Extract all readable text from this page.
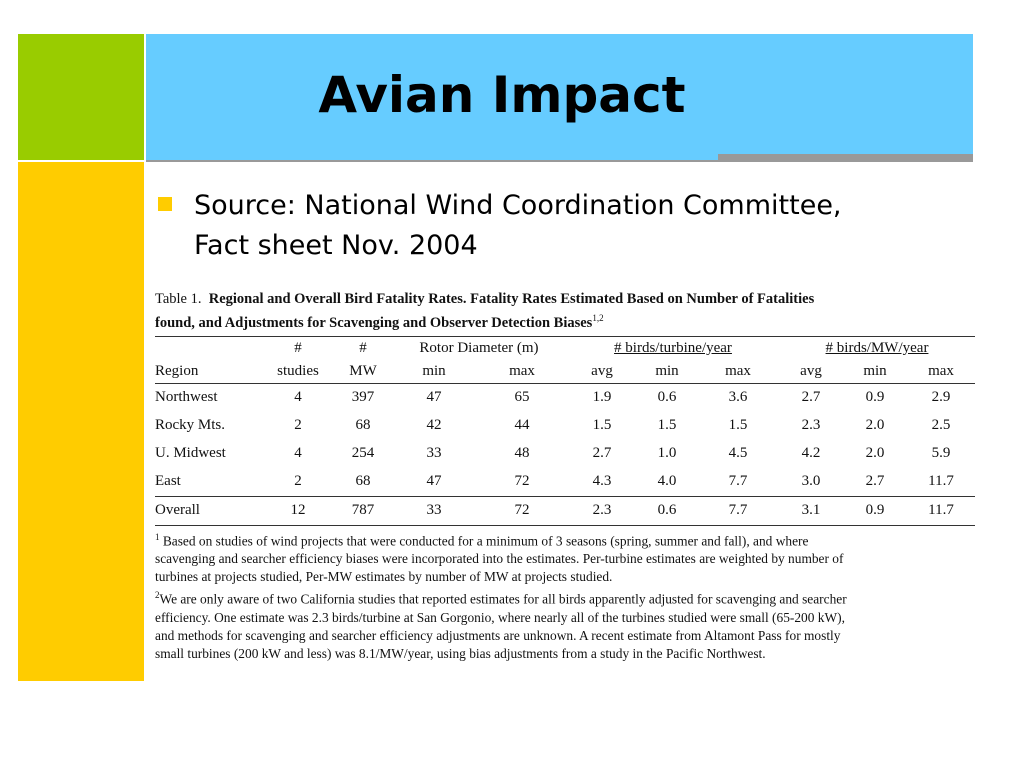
Avian Impact
Source: National Wind Coordination Committee,
Fact sheet Nov. 2004

Table 1. Regional and Overall Bird Fatality Rates. Fatality Rates Estimated Based on Number of Fatalities
found, and Adjustments for Scavenging and Observer Detection Biases$^{1,2}$

	#	#	Rotor Diameter (m)		# birds/turbine/year			# birds/MW/year		
Region	studies	MW	min	max	avg	min	max	avg	min	max
Northwest	4	397	47	65	1.9	0.6	3.6	2.7	0.9	2.9
Rocky Mts.	2	68	42	44	1.5	1.5	1.5	2.3	2.0	2.5
U. Midwest	4	254	33	48	2.7	1.0	4.5	4.2	2.0	5.9
East	2	68	47	72	4.3	4.0	7.7	3.0	2.7	11.7
Overall	12	787	33	72	2.3	0.6	7.7	3.1	0.9	11.7
$^1$ Based on studies of wind projects that were conducted for a minimum of 3 seasons (spring, summer and fall), and where
scavenging and searcher efficiency biases were incorporated into the estimates. Per-turbine estimates are weighted by number of
turbines at projects studied, Per-MW estimates by number of MW at projects studied.
$^2$We are only aware of two California studies that reported estimates for all birds apparently adjusted for scavenging and searcher
efficiency. One estimate was 2.3 birds/turbine at San Gorgonio, where nearly all of the turbines studied were small (65-200 kW),
and methods for scavenging and searcher efficiency adjustments are unknown. A recent estimate from Altamont Pass for mostly
small turbines (200 kW and less) was 8.1/MW/year, using bias adjustments from a study in the Pacific Northwest.
